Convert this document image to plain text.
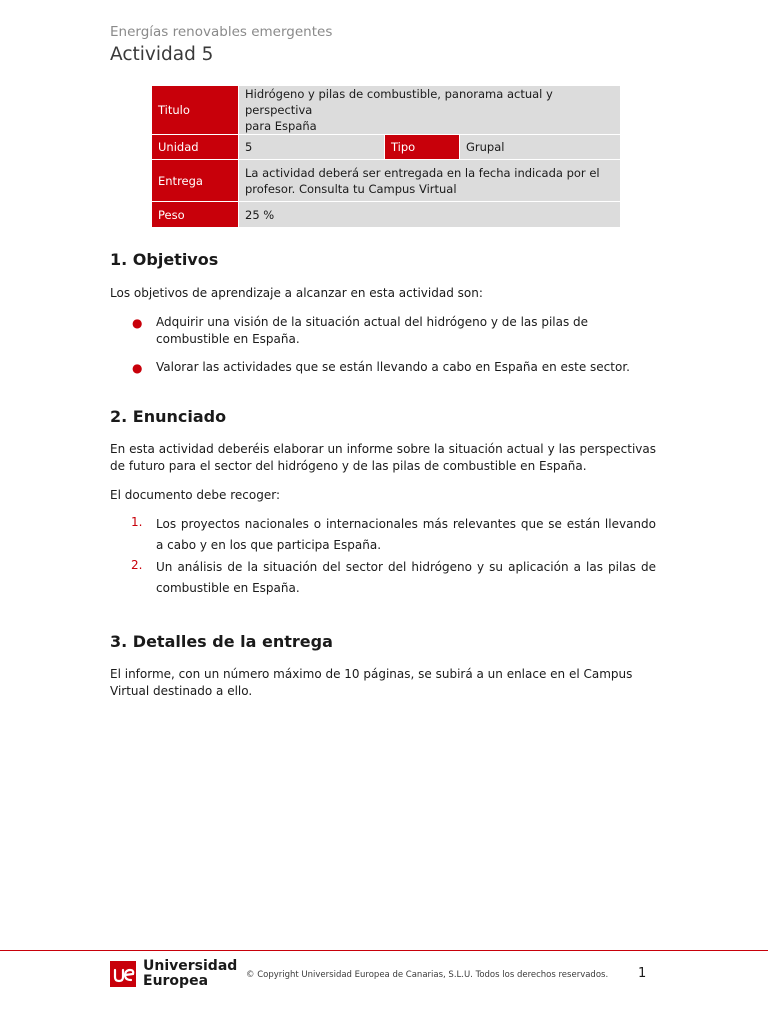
Energías renovables emergentes
Actividad 5
Titulo	Hidrógeno y pilas de combustible, panorama actual y perspectiva
para España		
Unidad	5	Tipo	Grupal
Entrega	La actividad deberá ser entregada en la fecha indicada por el
profesor. Consulta tu Campus Virtual		
Peso	25 %		
1. Objetivos

Los objetivos de aprendizaje a alcanzar en esta actividad son:

● Adquirir una visión de la situación actual del hidrógeno y de las pilas de combustible en España.
● Valorar las actividades que se están llevando a cabo en España en este sector.
2. Enunciado

En esta actividad deberéis elaborar un informe sobre la situación actual y las perspectivas de futuro para el sector del hidrógeno y de las pilas de combustible en España.

El documento debe recoger:

1. Los proyectos nacionales o internacionales más relevantes que se están llevando a cabo y en los que participa España.
2. Un análisis de la situación del sector del hidrógeno y su aplicación a las pilas de combustible en España.
3. Detalles de la entrega

El informe, con un número máximo de 10 páginas, se subirá a un enlace en el Campus Virtual destinado a ello.

Universidad
Europea	© Copyright Universidad Europea de Canarias, S.L.U. Todos los derechos reservados. 1
